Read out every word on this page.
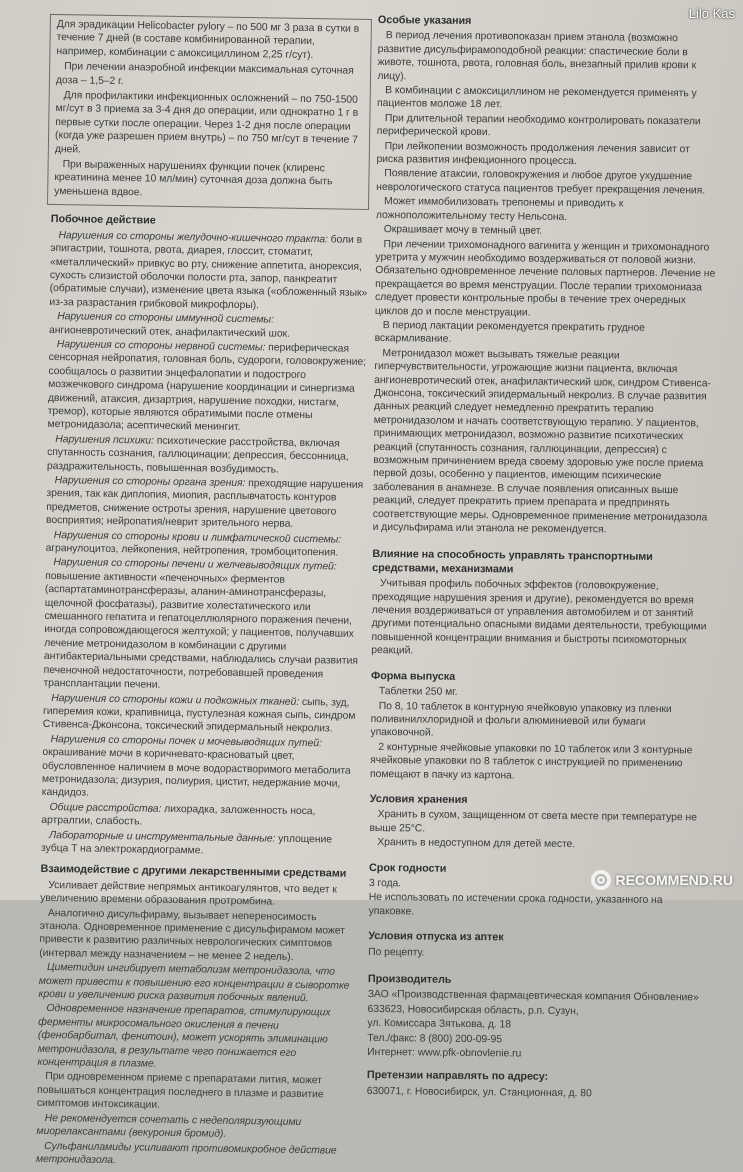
Для эрадикации Helicobacter pylory – по 500 мг 3 раза в сутки в течение 7 дней (в составе комбинированной терапии, например, комбинации с амоксициллином 2,25 г/сут).

При лечении анаэробной инфекции максимальная суточная доза – 1,5–2 г.

Для профилактики инфекционных осложнений – по 750-1500 мг/сут в 3 приема за 3-4 дня до операции, или однократно 1 г в первые сутки после операции. Через 1-2 дня после операции (когда уже разрешен прием внутрь) – по 750 мг/сут в течение 7 дней.

При выраженных нарушениях функции почек (клиренс креатинина менее 10 мл/мин) суточная доза должна быть уменьшена вдвое.

Побочное действие

Нарушения со стороны желудочно-кишечного тракта: боли в эпигастрии, тошнота, рвота, диарея, глоссит, стоматит, «металлический» привкус во рту, снижение аппетита, анорексия, сухость слизистой оболочки полости рта, запор, панкреатит (обратимые случаи), изменение цвета языка («обложенный язык» из-за разрастания грибковой микрофлоры).

Нарушения со стороны иммунной системы: ангионевротический отек, анафилактический шок.

Нарушения со стороны нервной системы: периферическая сенсорная нейропатия, головная боль, судороги, головокружение; сообщалось о развитии энцефалопатии и подострого мозжечкового синдрома (нарушение координации и синергизма движений, атаксия, дизартрия, нарушение походки, нистагм, тремор), которые являются обратимыми после отмены метронидазола; асептический менингит.

Нарушения психики: психотические расстройства, включая спутанность сознания, галлюцинации; депрессия, бессонница, раздражительность, повышенная возбудимость.

Нарушения со стороны органа зрения: преходящие нарушения зрения, так как диплопия, миопия, расплывчатость контуров предметов, снижение остроты зрения, нарушение цветового восприятия; нейропатия/неврит зрительного нерва.

Нарушения со стороны крови и лимфатической системы: агранулоцитоз, лейкопения, нейтропения, тромбоцитопения.

Нарушения со стороны печени и желчевыводящих путей: повышение активности «печеночных» ферментов (аспартатаминотрансферазы, аланин-аминотрансферазы, щелочной фосфатазы), развитие холестатического или смешанного гепатита и гепатоцеллюлярного поражения печени, иногда сопровождающегося желтухой; у пациентов, получавших лечение метронидазолом в комбинации с другими антибактериальными средствами, наблюдались случаи развития печеночной недостаточности, потребовавшей проведения трансплантации печени.

Нарушения со стороны кожи и подкожных тканей: сыпь, зуд, гиперемия кожи, крапивница, пустулезная кожная сыпь, синдром Стивенса-Джонсона, токсический эпидермальный некролиз.

Нарушения со стороны почек и мочевыводящих путей: окрашивание мочи в коричневато-красноватый цвет, обусловленное наличием в моче водорастворимого метаболита метронидазола; дизурия, полиурия, цистит, недержание мочи, кандидоз.

Общие расстройства: лихорадка, заложенность носа, артралгии, слабость.

Лабораторные и инструментальные данные: уплощение зубца T на электрокардиограмме.

Взаимодействие с другими лекарственными средствами

Усиливает действие непрямых антикоагулянтов, что ведет к увеличению времени образования протромбина.

Аналогично дисульфираму, вызывает непереносимость этанола. Одновременное применение с дисульфирамом может привести к развитию различных неврологических симптомов (интервал между назначением – не менее 2 недель).

Циметидин ингибирует метаболизм метронидазола, что может привести к повышению его концентрации в сыворотке крови и увеличению риска развития побочных явлений.

Одновременное назначение препаратов, стимулирующих ферменты микросомального окисления в печени (фенобарбитал, фенитоин), может ускорять элиминацию метронидазола, в результате чего понижается его концентрация в плазме.

При одновременном приеме с препаратами лития, может повышаться концентрация последнего в плазме и развитие симптомов интоксикации.

Не рекомендуется сочетать с недеполяризующими миорелаксантами (векурония бромид).

Сульфаниламиды усиливают противомикробное действие метронидазола.

Особые указания

В период лечения противопоказан прием этанола (возможно развитие дисульфирамоподобной реакции: спастические боли в животе, тошнота, рвота, головная боль, внезапный прилив крови к лицу).

В комбинации с амоксициллином не рекомендуется применять у пациентов моложе 18 лет.

При длительной терапии необходимо контролировать показатели периферической крови.

При лейкопении возможность продолжения лечения зависит от риска развития инфекционного процесса.

Появление атаксии, головокружения и любое другое ухудшение неврологического статуса пациентов требует прекращения лечения.

Может иммобилизовать трепонемы и приводить к ложноположительному тесту Нельсона.

Окрашивает мочу в темный цвет.

При лечении трихомонадного вагинита у женщин и трихомонадного уретрита у мужчин необходимо воздерживаться от половой жизни. Обязательно одновременное лечение половых партнеров. Лечение не прекращается во время менструации. После терапии трихомониаза следует провести контрольные пробы в течение трех очередных циклов до и после менструации.

В период лактации рекомендуется прекратить грудное вскармливание.

Метронидазол может вызывать тяжелые реакции гиперчувствительности, угрожающие жизни пациента, включая ангионевротический отек, анафилактический шок, синдром Стивенса-Джонсона, токсический эпидермальный некролиз. В случае развития данных реакций следует немедленно прекратить терапию метронидазолом и начать соответствующую терапию. У пациентов, принимающих метронидазол, возможно развитие психотических реакций (спутанность сознания, галлюцинации, депрессия) с возможным причинением вреда своему здоровью уже после приема первой дозы, особенно у пациентов, имеющим психические заболевания в анамнезе. В случае появления описанных выше реакций, следует прекратить прием препарата и предпринять соответствующие меры. Одновременное применение метронидазола и дисульфирама или этанола не рекомендуется.

Влияние на способность управлять транспортными средствами, механизмами

Учитывая профиль побочных эффектов (головокружение, преходящие нарушения зрения и другие), рекомендуется во время лечения воздерживаться от управления автомобилем и от занятий другими потенциально опасными видами деятельности, требующими повышенной концентрации внимания и быстроты психомоторных реакций.

Форма выпуска

Таблетки 250 мг.

По 8, 10 таблеток в контурную ячейковую упаковку из пленки поливинилхлоридной и фольги алюминиевой или бумаги упаковочной.

2 контурные ячейковые упаковки по 10 таблеток или 3 контурные ячейковые упаковки по 8 таблеток с инструкцией по применению помещают в пачку из картона.

Условия хранения

Хранить в сухом, защищенном от света месте при температуре не выше 25°C.

Хранить в недоступном для детей месте.

Срок годности

3 года.

Не использовать по истечении срока годности, указанного на упаковке.

Условия отпуска из аптек

По рецепту.

Производитель

ЗАО «Производственная фармацевтическая компания Обновление»

633623, Новосибирская область, р.п. Сузун,

ул. Комиссара Зятькова, д. 18

Тел./факс: 8 (800) 200-09-95

Интернет: www.pfk-obnovlenie.ru

Претензии направлять по адресу:

630071, г. Новосибирск, ул. Станционная, д. 80

Lilo Kas
RECOMMEND.RU
